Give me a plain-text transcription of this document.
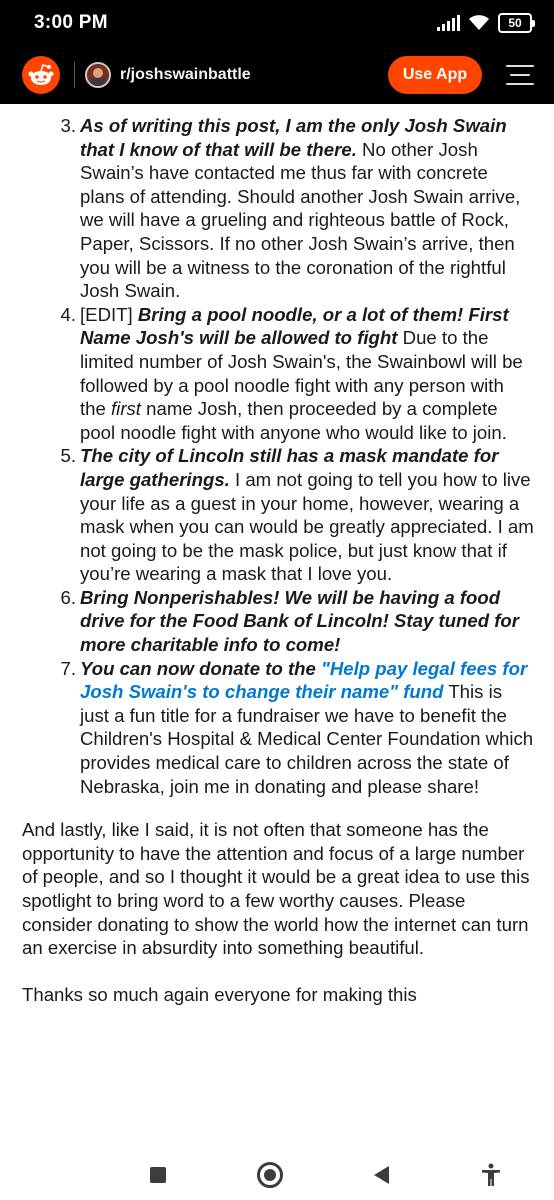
3:00 PM	50
r/joshswainbattle	Use App
3. As of writing this post, I am the only Josh Swain that I know of that will be there. No other Josh Swain’s have contacted me thus far with concrete plans of attending. Should another Josh Swain arrive, we will have a grueling and righteous battle of Rock, Paper, Scissors. If no other Josh Swain’s arrive, then you will be a witness to the coronation of the rightful Josh Swain.
4. [EDIT] Bring a pool noodle, or a lot of them! First Name Josh's will be allowed to fight Due to the limited number of Josh Swain's, the Swainbowl will be followed by a pool noodle fight with any person with the first name Josh, then proceeded by a complete pool noodle fight with anyone who would like to join.
5. The city of Lincoln still has a mask mandate for large gatherings. I am not going to tell you how to live your life as a guest in your home, however, wearing a mask when you can would be greatly appreciated. I am not going to be the mask police, but just know that if you’re wearing a mask that I love you.
6. Bring Nonperishables! We will be having a food drive for the Food Bank of Lincoln! Stay tuned for more charitable info to come!
7. You can now donate to the "Help pay legal fees for Josh Swain's to change their name" fund This is just a fun title for a fundraiser we have to benefit the Children's Hospital & Medical Center Foundation which provides medical care to children across the state of Nebraska, join me in donating and please share!

And lastly, like I said, it is not often that someone has the opportunity to have the attention and focus of a large number of people, and so I thought it would be a great idea to use this spotlight to bring word to a few worthy causes. Please consider donating to show the world how the internet can turn an exercise in absurdity into something beautiful.

Thanks so much again everyone for making this
